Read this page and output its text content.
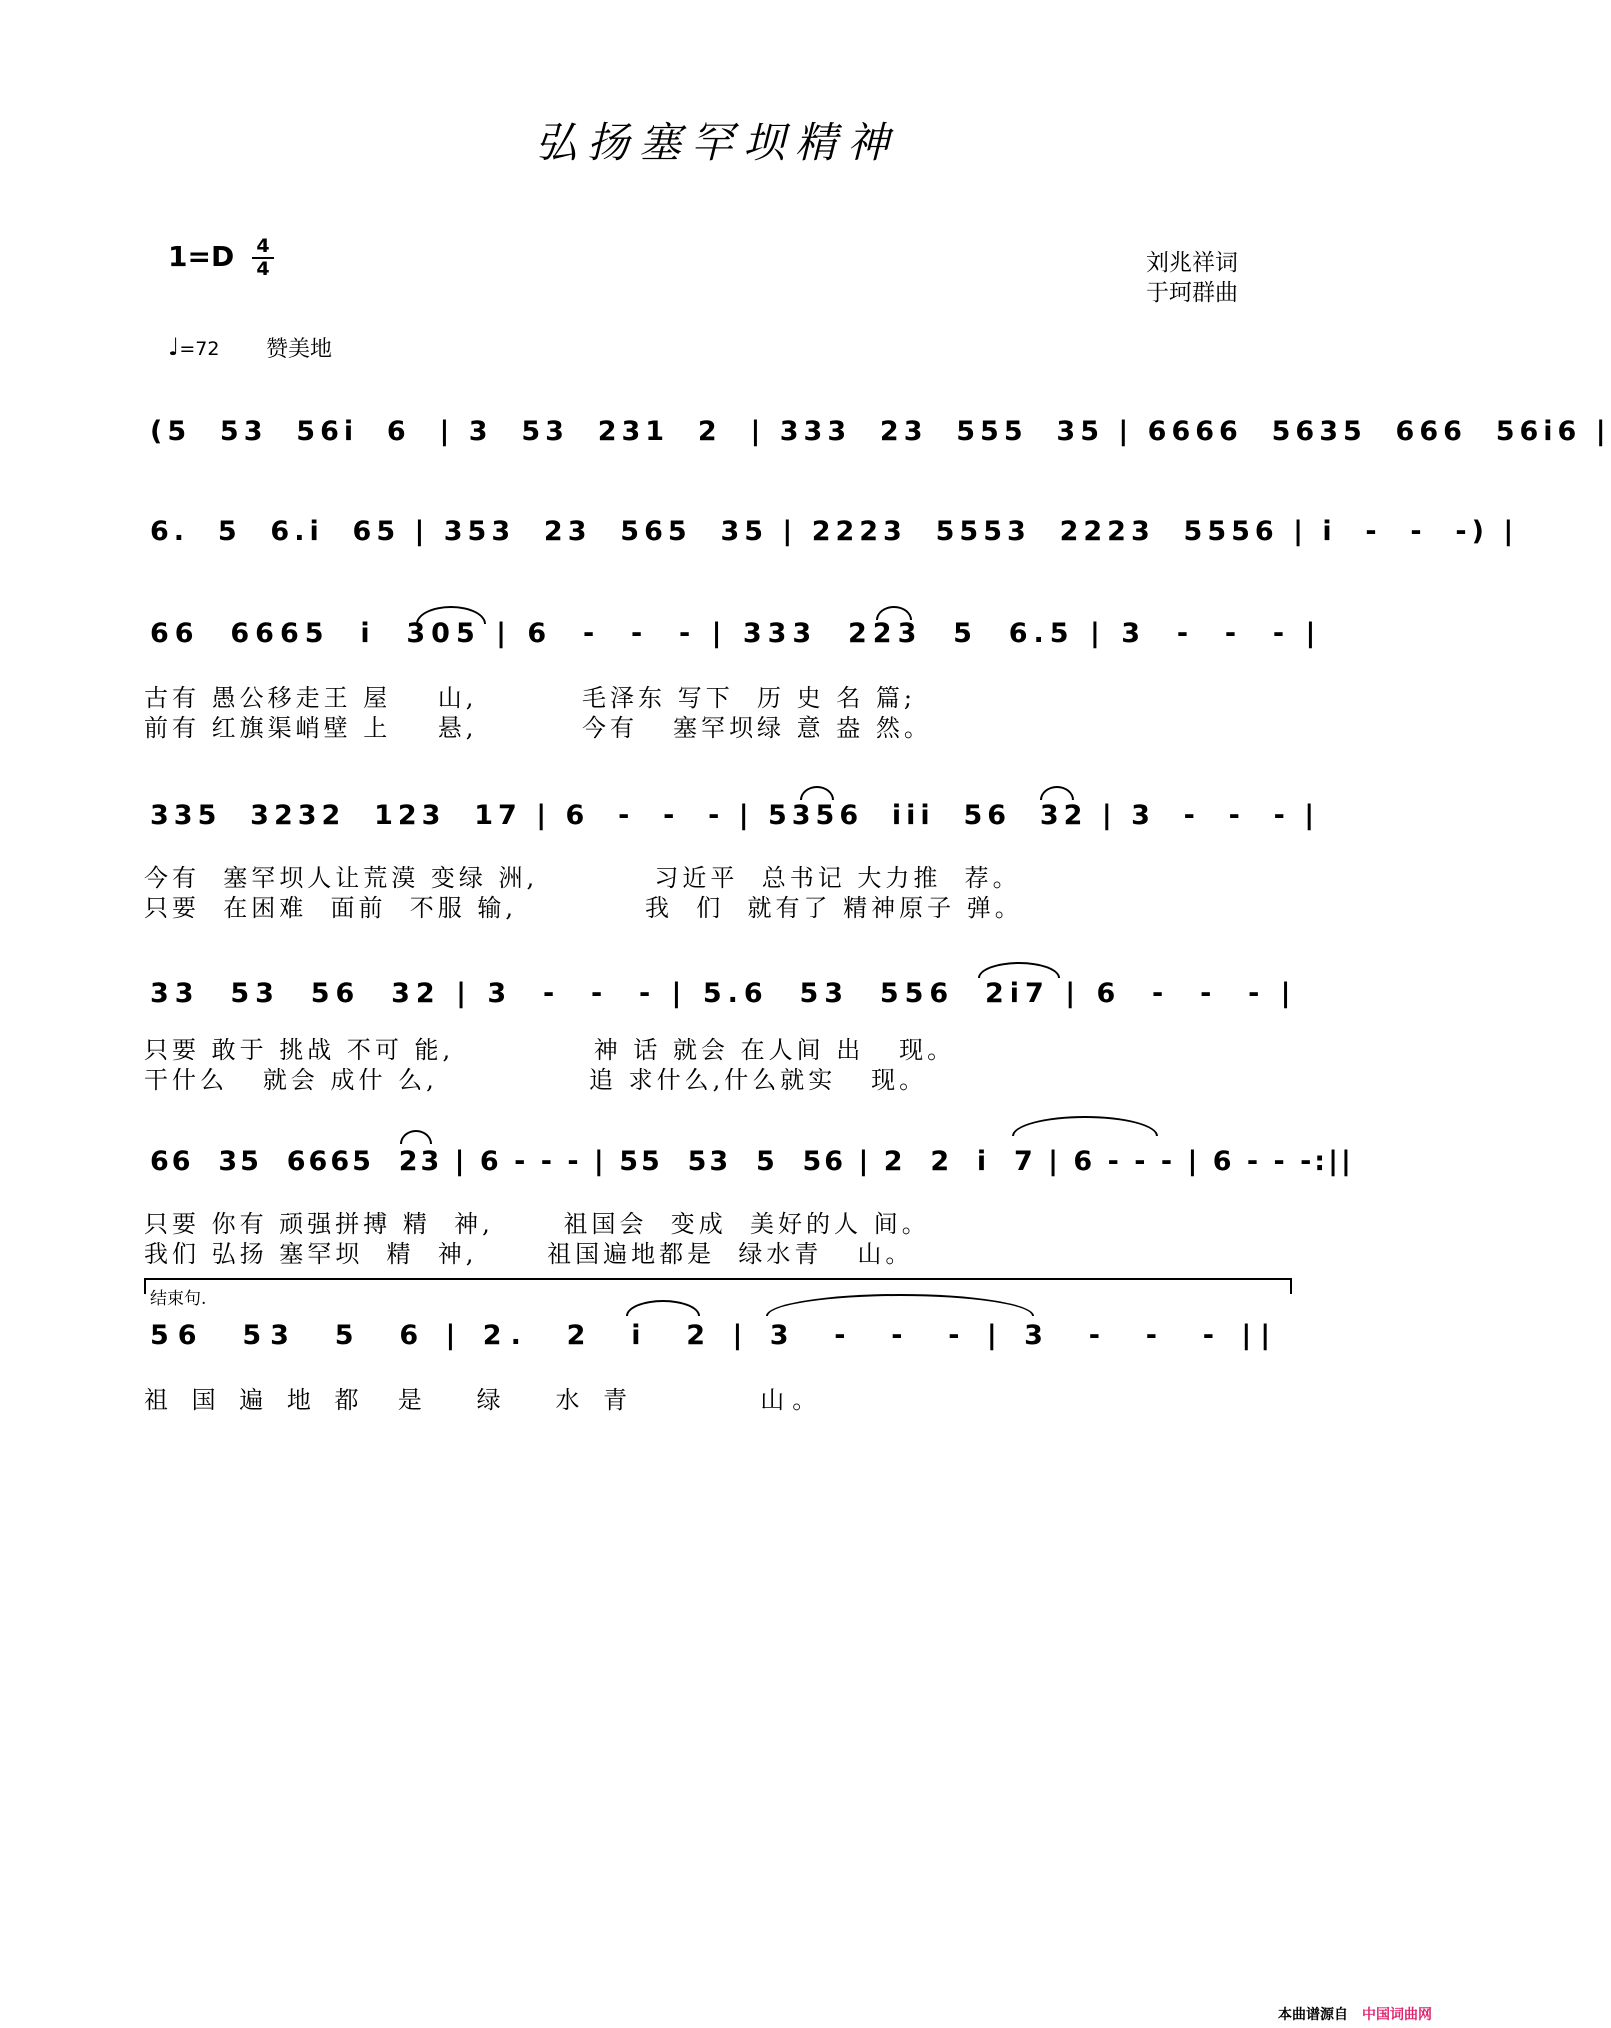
弘扬塞罕坝精神
1=D 4
4	刘兆祥词
于珂群曲
♩=72 赞美地
(5  53  56i  6  | 3  53  231  2  | 333  23  555  35 | 6666  5635  666  56i6 |
6.  5  6.i  65 | 353  23  565  35 | 2223  5553  2223  5556 | i  -  -  -) |
66  6665  i  305 | 6  -  -  - | 333  223  5  6.5 | 3  -  -  - |
古有 愚公移走王 屋    山,         毛泽东 写下  历 史 名 篇;
前有 红旗渠峭壁 上    悬,         今有   塞罕坝绿 意 盎 然。
335  3232  123  17 | 6  -  -  - | 5356  iii  56  32 | 3  -  -  - |
今有  塞罕坝人让荒漠 变绿 洲,          习近平  总书记 大力推  荐。
只要  在困难  面前  不服 输,           我  们  就有了 精神原子 弹。
33  53  56  32 | 3  -  -  - | 5.6  53  556  2i7 | 6  -  -  - |
只要 敢于 挑战 不可 能,            神 话 就会 在人间 出   现。
干什么   就会 成什 么,             追 求什么,什么就实   现。
66  35  6665  23 | 6 - - - | 55  53  5  56 | 2  2  i  7 | 6 - - - | 6 - - -:||
只要 你有 顽强拼搏 精  神,      祖国会  变成  美好的人 间。
我们 弘扬 塞罕坝  精  神,      祖国遍地都是  绿水青   山。
结束句.
56  53  5  6 | 2.  2  i  2 | 3  -  -  - | 3  -  -  - ||
祖 国 遍 地 都  是   绿   水 青        山。
本曲谱源自 中国词曲网
